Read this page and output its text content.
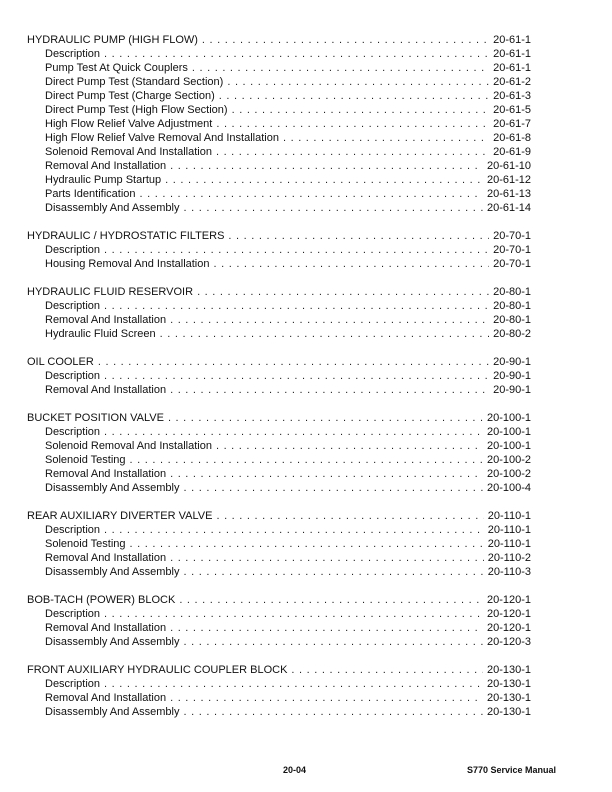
HYDRAULIC PUMP (HIGH FLOW) . . .	20-61-1
Description . . .	20-61-1
Pump Test At Quick Couplers . . .	20-61-1
Direct Pump Test (Standard Section) . . .	20-61-2
Direct Pump Test (Charge Section) . . .	20-61-3
Direct Pump Test (High Flow Section) . . .	20-61-5
High Flow Relief Valve Adjustment . . .	20-61-7
High Flow Relief Valve Removal And Installation . . .	20-61-8
Solenoid Removal And Installation . . .	20-61-9
Removal And Installation . . .	20-61-10
Hydraulic Pump Startup . . .	20-61-12
Parts Identification . . .	20-61-13
Disassembly And Assembly . . .	20-61-14
HYDRAULIC / HYDROSTATIC FILTERS . . .	20-70-1
Description . . .	20-70-1
Housing Removal And Installation . . .	20-70-1
HYDRAULIC FLUID RESERVOIR . . .	20-80-1
Description . . .	20-80-1
Removal And Installation . . .	20-80-1
Hydraulic Fluid Screen . . .	20-80-2
OIL COOLER . . .	20-90-1
Description . . .	20-90-1
Removal And Installation . . .	20-90-1
BUCKET POSITION VALVE . . .	20-100-1
Description . . .	20-100-1
Solenoid Removal And Installation . . .	20-100-1
Solenoid Testing . . .	20-100-2
Removal And Installation . . .	20-100-2
Disassembly And Assembly . . .	20-100-4
REAR AUXILIARY DIVERTER VALVE . . .	20-110-1
Description . . .	20-110-1
Solenoid Testing . . .	20-110-1
Removal And Installation . . .	20-110-2
Disassembly And Assembly . . .	20-110-3
BOB-TACH (POWER) BLOCK . . .	20-120-1
Description . . .	20-120-1
Removal And Installation . . .	20-120-1
Disassembly And Assembly . . .	20-120-3
FRONT AUXILIARY HYDRAULIC COUPLER BLOCK . . .	20-130-1
Description . . .	20-130-1
Removal And Installation . . .	20-130-1
Disassembly And Assembly . . .	20-130-1
20-04	S770 Service Manual
